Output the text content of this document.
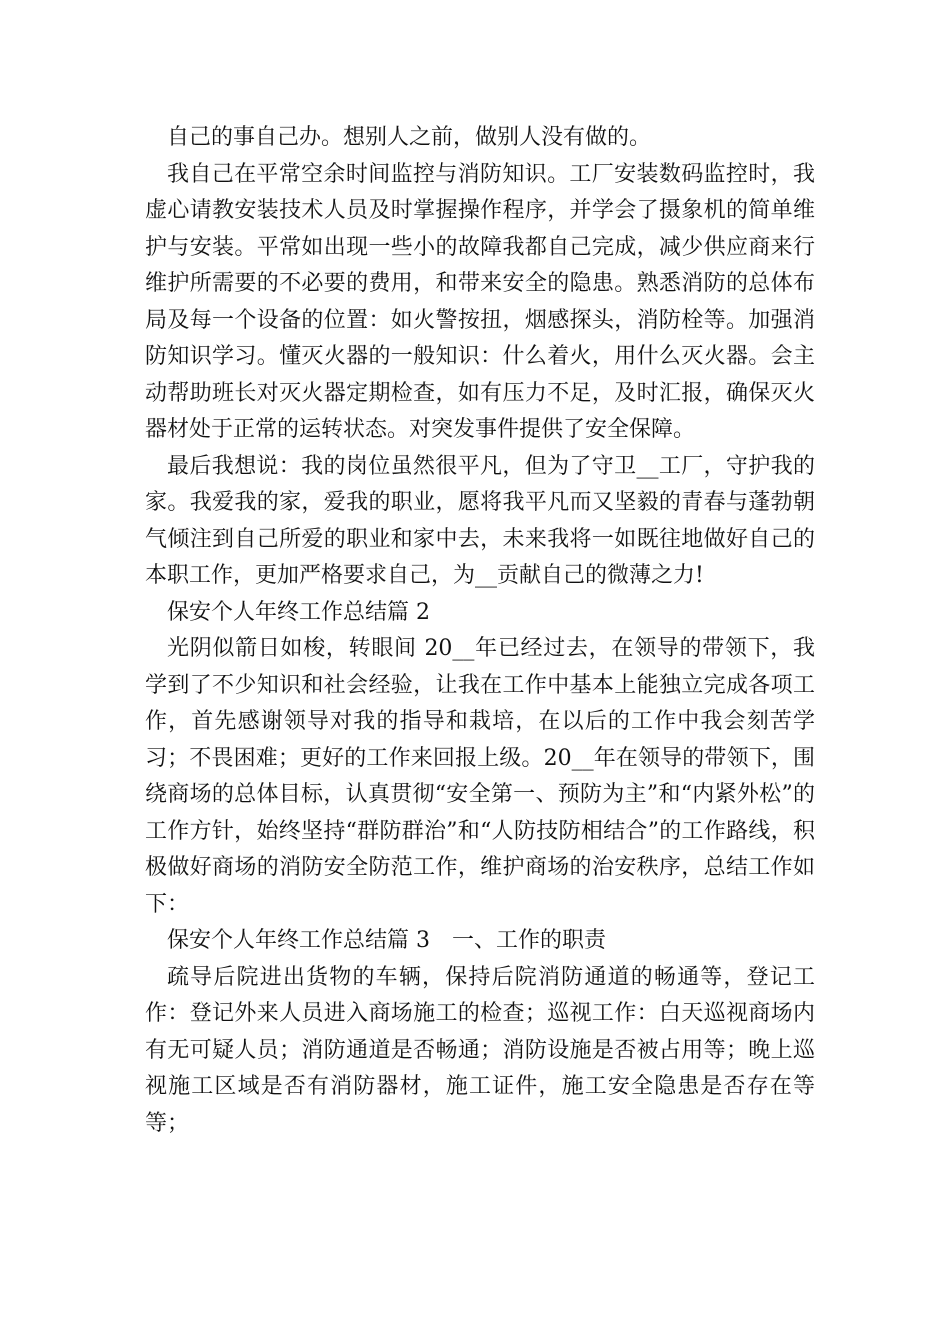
自己的事自己办。想别人之前，做别人没有做的。

我自己在平常空余时间监控与消防知识。工厂安装数码监控时，我虚心请教安装技术人员及时掌握操作程序，并学会了摄象机的简单维护与安装。平常如出现一些小的故障我都自己完成，减少供应商来行维护所需要的不必要的费用，和带来安全的隐患。熟悉消防的总体布局及每一个设备的位置：如火警按扭，烟感探头，消防栓等。加强消防知识学习。懂灭火器的一般知识：什么着火，用什么灭火器。会主动帮助班长对灭火器定期检查，如有压力不足，及时汇报，确保灭火器材处于正常的运转状态。对突发事件提供了安全保障。

最后我想说：我的岗位虽然很平凡，但为了守卫__工厂，守护我的家。我爱我的家，爱我的职业，愿将我平凡而又坚毅的青春与蓬勃朝气倾注到自己所爱的职业和家中去，未来我将一如既往地做好自己的本职工作，更加严格要求自己，为__贡献自己的微薄之力!

保安个人年终工作总结篇 2

光阴似箭日如梭，转眼间 20__年已经过去，在领导的带领下，我学到了不少知识和社会经验，让我在工作中基本上能独立完成各项工作，首先感谢领导对我的指导和栽培，在以后的工作中我会刻苦学习；不畏困难；更好的工作来回报上级。20__年在领导的带领下，围绕商场的总体目标，认真贯彻“安全第一、预防为主”和“内紧外松”的工作方针，始终坚持“群防群治”和“人防技防相结合”的工作路线，积极做好商场的消防安全防范工作，维护商场的治安秩序，总结工作如下：

保安个人年终工作总结篇 3　一、工作的职责

疏导后院进出货物的车辆，保持后院消防通道的畅通等，登记工作：登记外来人员进入商场施工的检查；巡视工作：白天巡视商场内有无可疑人员；消防通道是否畅通；消防设施是否被占用等；晚上巡视施工区域是否有消防器材，施工证件，施工安全隐患是否存在等等；
